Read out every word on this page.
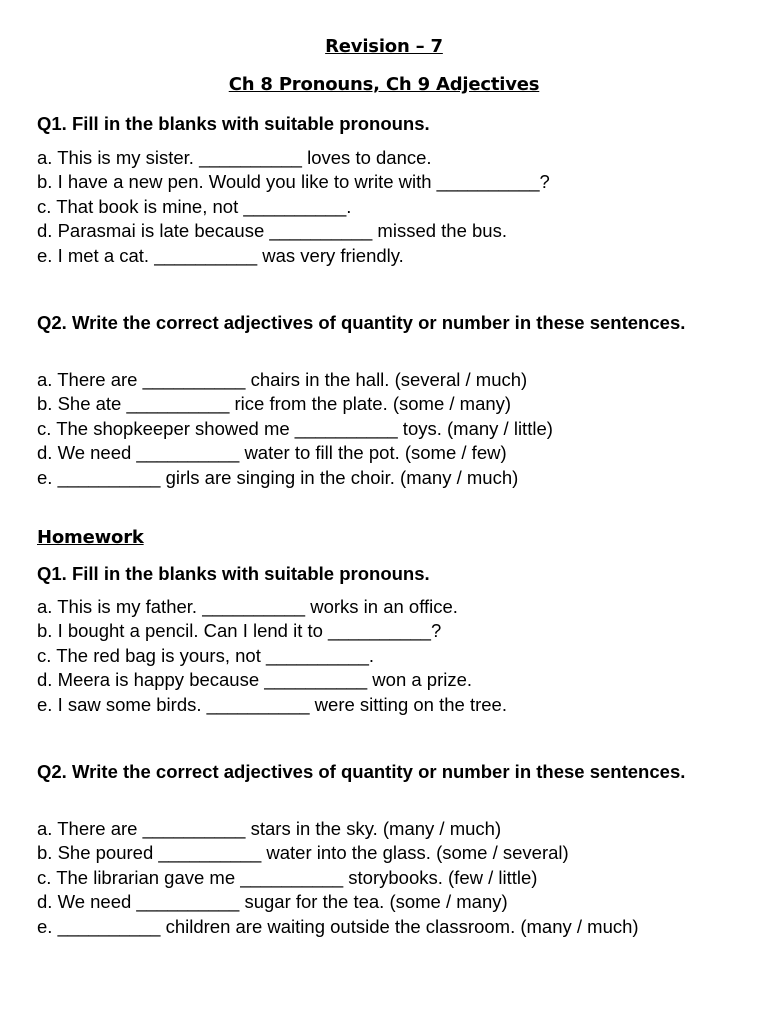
Revision – 7
Ch 8 Pronouns, Ch 9 Adjectives

Q1. Fill in the blanks with suitable pronouns.

a. This is my sister. __________ loves to dance.
b. I have a new pen. Would you like to write with __________?
c. That book is mine, not __________.
d. Parasmai is late because __________ missed the bus.
e. I met a cat. __________ was very friendly.

Q2. Write the correct adjectives of quantity or number in these sentences.

a. There are __________ chairs in the hall. (several / much)
b. She ate __________ rice from the plate. (some / many)
c. The shopkeeper showed me __________ toys. (many / little)
d. We need __________ water to fill the pot. (some / few)
e. __________ girls are singing in the choir. (many / much)

Homework

Q1. Fill in the blanks with suitable pronouns.

a. This is my father. __________ works in an office.
b. I bought a pencil. Can I lend it to __________?
c. The red bag is yours, not __________.
d. Meera is happy because __________ won a prize.
e. I saw some birds. __________ were sitting on the tree.

Q2. Write the correct adjectives of quantity or number in these sentences.

a. There are __________ stars in the sky. (many / much)
b. She poured __________ water into the glass. (some / several)
c. The librarian gave me __________ storybooks. (few / little)
d. We need __________ sugar for the tea. (some / many)
e. __________ children are waiting outside the classroom. (many / much)
